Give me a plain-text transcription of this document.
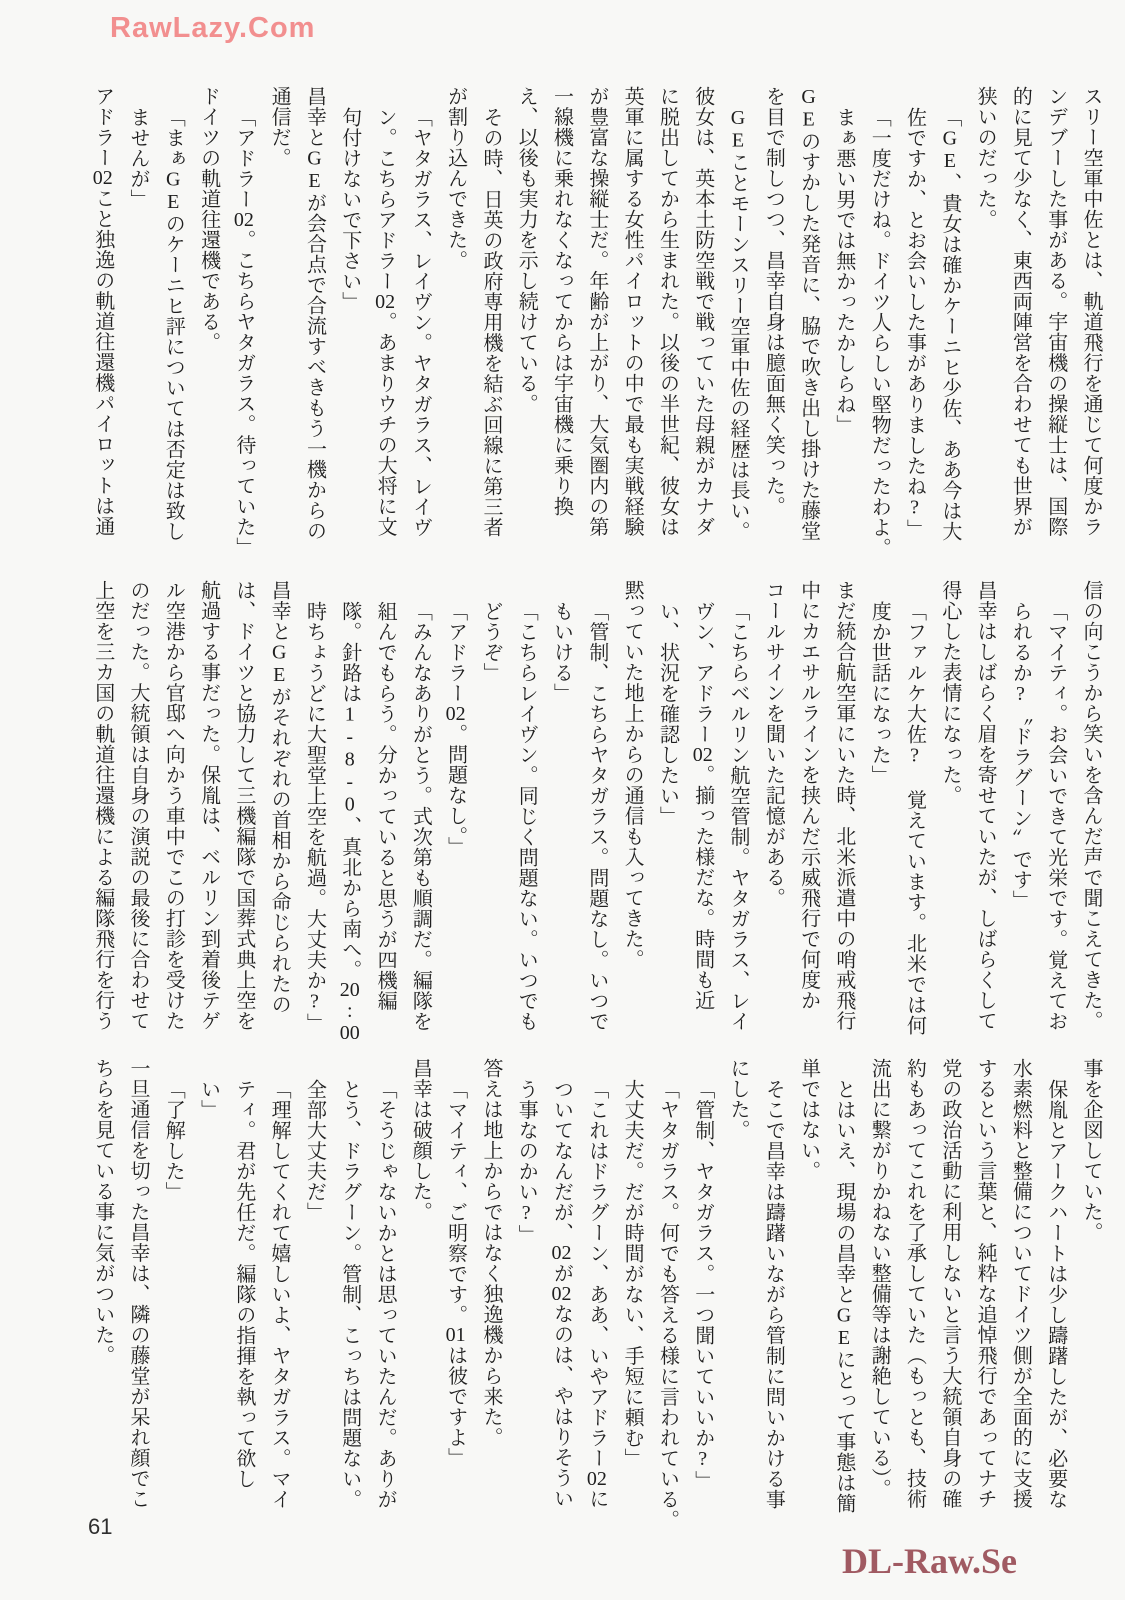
RawLazy.Com

スリー空軍中佐とは、軌道飛行を通じて何度かラ

ンデブーした事がある。宇宙機の操縦士は、国際

的に見て少なく、東西両陣営を合わせても世界が

狭いのだった。

「GE、貴女は確かケーニヒ少佐、ああ今は大

佐ですか、とお会いした事がありましたね?」

「一度だけね。ドイツ人らしい堅物だったわよ。

まぁ悪い男では無かったかしらね」

GEのすかした発音に、脇で吹き出し掛けた藤堂

を目で制しつつ、昌幸自身は臆面無く笑った。

GEことモーンスリー空軍中佐の経歴は長い。

彼女は、英本土防空戦で戦っていた母親がカナダ

に脱出してから生まれた。以後の半世紀、彼女は

英軍に属する女性パイロットの中で最も実戦経験

が豊富な操縦士だ。年齢が上がり、大気圏内の第

一線機に乗れなくなってからは宇宙機に乗り換

え、以後も実力を示し続けている。

その時、日英の政府専用機を結ぶ回線に第三者

が割り込んできた。

「ヤタガラス、レイヴン。ヤタガラス、レイヴ

ン。こちらアドラー02。あまりウチの大将に文

句付けないで下さい」

昌幸とGEが会合点で合流すべきもう一機からの

通信だ。

「アドラー02。こちらヤタガラス。待っていた」

ドイツの軌道往還機である。

「まぁGEのケーニヒ評については否定は致し

ませんが」

アドラー02こと独逸の軌道往還機パイロットは通

信の向こうから笑いを含んだ声で聞こえてきた。

「マイティ。お会いできて光栄です。覚えてお

られるか?〝ドラグーン〟です」

昌幸はしばらく眉を寄せていたが、しばらくして

得心した表情になった。

「ファルケ大佐? 覚えています。北米では何

度か世話になった」

まだ統合航空軍にいた時、北米派遣中の哨戒飛行

中にカエサルラインを挟んだ示威飛行で何度か

コールサインを聞いた記憶がある。

「こちらベルリン航空管制。ヤタガラス、レイ

ヴン、アドラー02。揃った様だな。時間も近

い、状況を確認したい」

黙っていた地上からの通信も入ってきた。

「管制、こちらヤタガラス。問題なし。いつで

もいける」

「こちらレイヴン。同じく問題ない。いつでも

どうぞ」

「アドラー02。問題なし。」

「みんなありがとう。式次第も順調だ。編隊を

組んでもらう。分かっていると思うが四機編

隊。針路は1-8-0、真北から南へ。20:00

時ちょうどに大聖堂上空を航過。大丈夫か?」

昌幸とGEがそれぞれの首相から命じられたの

は、ドイツと協力して三機編隊で国葬式典上空を

航過する事だった。保胤は、ベルリン到着後テゲ

ル空港から官邸へ向かう車中でこの打診を受けた

のだった。大統領は自身の演説の最後に合わせて

上空を三カ国の軌道往還機による編隊飛行を行う

事を企図していた。

保胤とアークハートは少し躊躇したが、必要な

水素燃料と整備についてドイツ側が全面的に支援

するという言葉と、純粋な追悼飛行であってナチ

党の政治活動に利用しないと言う大統領自身の確

約もあってこれを了承していた（もっとも、技術

流出に繋がりかねない整備等は謝絶している）。

とはいえ、現場の昌幸とGEにとって事態は簡

単ではない。

そこで昌幸は躊躇いながら管制に問いかける事

にした。

「管制、ヤタガラス。一つ聞いていいか?」

「ヤタガラス。何でも答える様に言われている。

大丈夫だ。だが時間がない、手短に頼む」

「これはドラグーン、ああ、いやアドラー02に

ついてなんだが、02が02なのは、やはりそうい

う事なのかい?」

答えは地上からではなく独逸機から来た。

「マイティ、ご明察です。01は彼ですよ」

昌幸は破顔した。

「そうじゃないかとは思っていたんだ。ありが

とう、ドラグーン。管制、こっちは問題ない。

全部大丈夫だ」

「理解してくれて嬉しいよ、ヤタガラス。マイ

ティ。君が先任だ。編隊の指揮を執って欲し

い」

「了解した」

一旦通信を切った昌幸は、隣の藤堂が呆れ顔でこ

ちらを見ている事に気がついた。

61
DL-Raw.Se
